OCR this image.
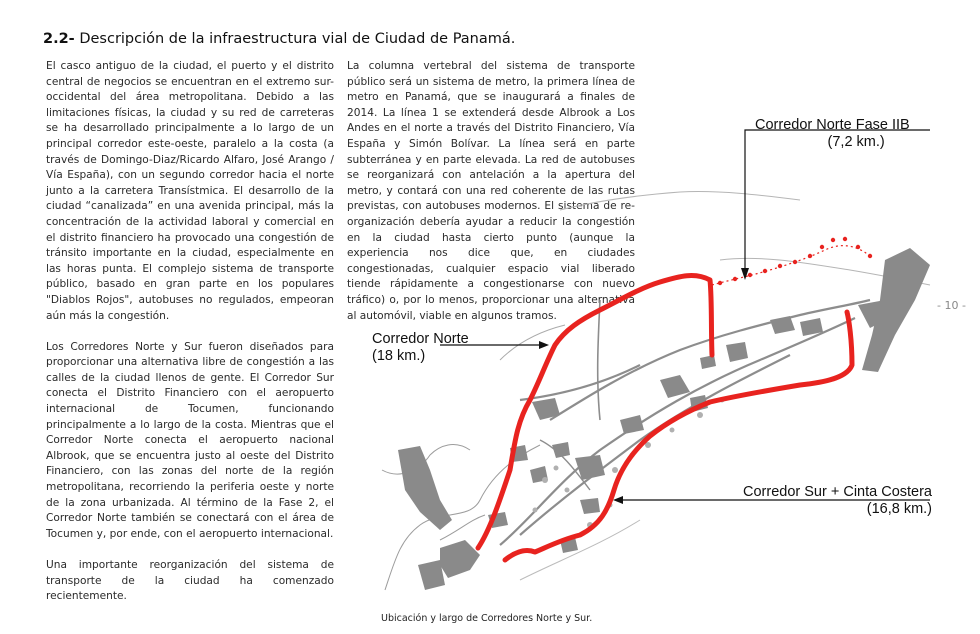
2.2- Descripción de la infraestructura vial de Ciudad de Panamá.

El casco antiguo de la ciudad, el puerto y el distrito central de negocios se encuentran en el extremo sur-occidental del área metropolitana. Debido a las limitaciones físicas, la ciudad y su red de carreteras se ha desarrollado principalmente a lo largo de un principal corredor este-oeste, paralelo a la costa (a través de Domingo-Diaz/Ricardo Alfaro, José Arango / Vía España), con un segundo corredor hacia el norte junto a la carretera Transístmica. El desarrollo de la ciudad “canalizada” en una avenida principal, más la concentración de la actividad laboral y comercial en el distrito financiero ha provocado una congestión de tránsito importante en la ciudad, especialmente en las horas punta. El complejo sistema de transporte público, basado en gran parte en los populares "Diablos Rojos", autobuses no regulados, empeoran aún más la congestión.

Los Corredores Norte y Sur fueron diseñados para proporcionar una alternativa libre de congestión a las calles de la ciudad llenos de gente. El Corredor Sur conecta el Distrito Financiero con el aeropuerto internacional de Tocumen, funcionando principalmente a lo largo de la costa. Mientras que el Corredor Norte conecta el aeropuerto nacional Albrook, que se encuentra justo al oeste del Distrito Financiero, con las zonas del norte de la región metropolitana, recorriendo la periferia oeste y norte de la zona urbanizada. Al término de la Fase 2, el Corredor Norte también se conectará con el área de Tocumen y, por ende, con el aeropuerto internacional.

Una importante reorganización del sistema de transporte de la ciudad ha comenzado recientemente.

La columna vertebral del sistema de transporte público será un sistema de metro, la primera línea de metro en Panamá, que se inaugurará a finales de 2014. La línea 1 se extenderá desde Albrook a Los Andes en el norte a través del Distrito Financiero, Vía España y Simón Bolívar. La línea será en parte subterránea y en parte elevada. La red de autobuses se reorganizará con antelación a la apertura del metro, y contará con una red coherente de las rutas previstas, con autobuses modernos. El sistema de re-organización debería ayudar a reducir la congestión en la ciudad hasta cierto punto (aunque la experiencia nos dice que, en ciudades congestionadas, cualquier espacio vial liberado tiende rápidamente a congestionarse con nuevo tráfico) o, por lo menos, proporcionar una alternativa al automóvil, viable en algunos tramos.

Corredor Norte Fase IIB
(7,2 km.)
Corredor Norte
(18 km.)
Corredor Sur + Cinta Costera
(16,8 km.)
- 10 -
Ubicación y largo de Corredores Norte y Sur.
